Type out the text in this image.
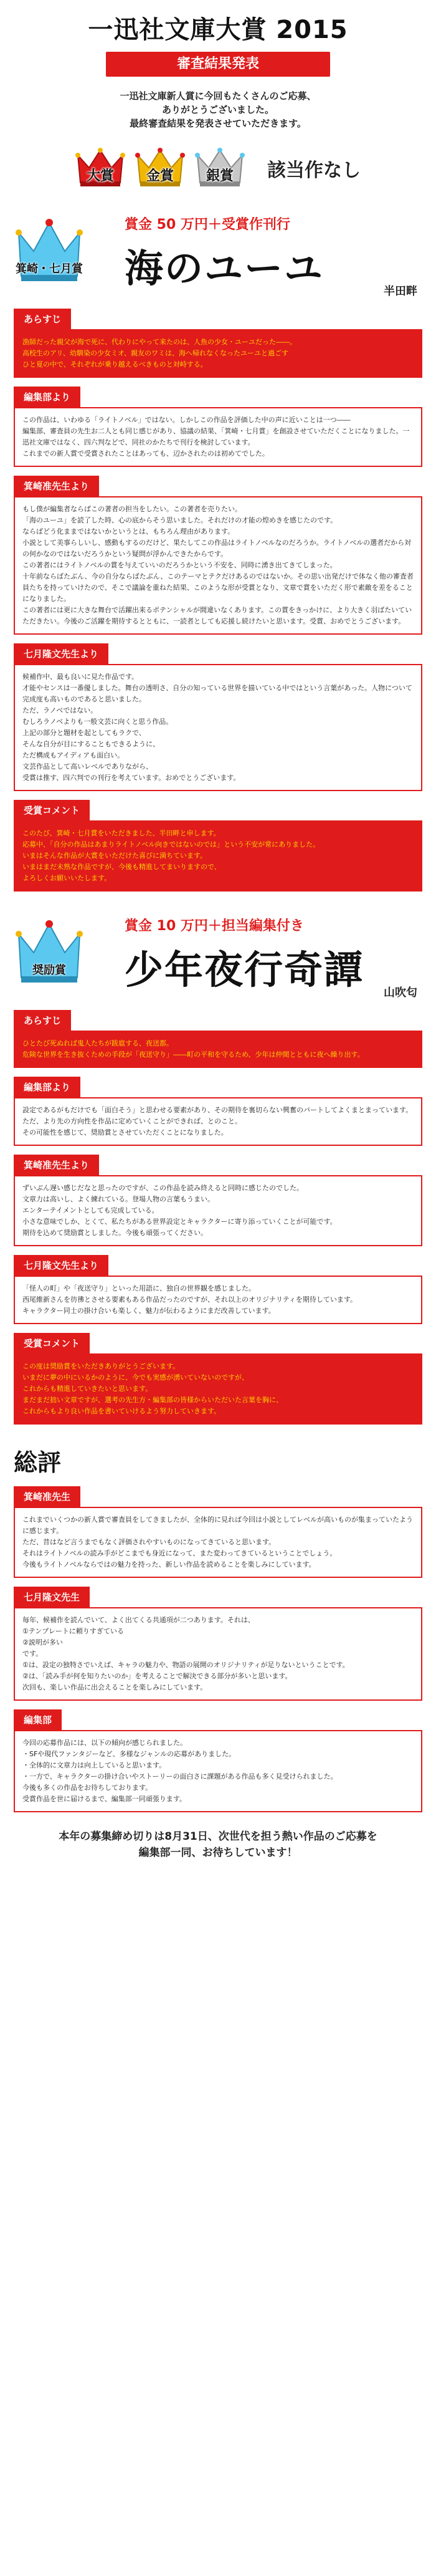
一迅社文庫大賞 2015
審査結果発表
一迅社文庫新人賞に今回もたくさんのご応募、
ありがとうございました。
最終審査結果を発表させていただきます。
大賞	金賞	銀賞	該当作なし
箕崎・七月賞
賞金 50 万円＋受賞作刊行
海のユーユ
半田畔
あらすじ

漁師だった親父が海で死に、代わりにやって来たのは、人魚の少女・ユーユだった――。
高校生のアリ、幼馴染の少女ミオ、親友のワミは、海へ帰れなくなったユーユと過ごす
ひと夏の中で、それぞれが乗り越えるべきものと対峙する。

編集部より

この作品は、いわゆる「ライトノベル」ではない。しかしこの作品を評価した中の声に近いことは一つ――
編集部、審査員の先生お二人とも同じ感じがあり、協議の結果、「箕崎・七月賞」を創設させていただくことになりました。一迅社文庫ではなく、四六判などで、同社のかたちで刊行を検討しています。
これまでの新人賞で受賞されたことはあっても、辺かされたのは初めてでした。

箕崎准先生より

もし僕が編集者ならばこの著者の担当をしたい。この著者を売りたい。
「海のユーユ」を読了した時、心の底からそう思いました。それだけの才能の煌めきを感じたのです。
ならばどう化ままではないかというとは、もちろん理由があります。
小説として美事らしいし、感動もするのだけど、果たしてこの作品はライトノベルなのだろうか。ライトノベルの選者だから対の何かなのではないだろうかという疑問が浮かんできたからです。
この著者にはライトノベルの賞を与えていいのだろうかという不安を、同時に湧き出てきてしまった。
十年前ならばたぶん、今の自分ならばたぶん、このテーマとテクだけあるのではないか。その思い出発だけで体なく他の審査者員たちを持っていけたので、そこで議論を重ねた結果、このような形が受賞となり、文章で賞をいただく形で素敵を差をることになりました。
この著者には更に大きな舞台で活躍出来るポテンシャルが間違いなくあります。この賞をきっかけに、より大きく羽ばたいていただきたい。今後のご活躍を期待するとともに、一読者としても応援し続けたいと思います。受賞、おめでとうございます。

七月隆文先生より

候補作中、最も良いに見た作品です。
才能やセンスは一番優しました。舞台の透明さ、自分の知っている世界を描いている中ではという言葉があった。人物について完成度も高いものであると思いました。
ただ、ラノベではない。
むしろラノベよりも一般文芸に向くと思う作品。
上記の部分と題材を起としてもラクで、
そんな自分が目にすることもできるように、
ただ構成もアイディアも面白い。
文芸作品として高いレベルでありながら、
受賞は推す、四六判での刊行を考えています。おめでとうございます。

受賞コメント

このたび、箕崎・七月賞をいただきました、半田畔と申します。
応募中、「自分の作品はあまりライトノベル向きではないのでは」という不安が常にありました。
いまはそんな作品が大賞をいただけた喜びに満ちています。
いまはまだ未熟な作品ですが、今後も精進してまいりますので、
よろしくお願いいたします。

奨励賞
賞金 10 万円＋担当編集付き
少年夜行奇譚
山吹匂
あらすじ

ひとたび死ぬれば鬼人たちが跋扈する、夜送都。
危険な世界を生き抜くための手段が「夜送守り」――町の平和を守るため、少年は仲間とともに夜へ繰り出す。

編集部より

設定であるがもだけでも「面白そう」と思わせる要素があり、その期待を裏切らない興奮のパートしてよくまとまっています。ただ、より先の方向性を作品に定めていくことができれば、とのこと。
その可能性を感じて、奨励賞とさせていただくことになりました。

箕崎准先生より

ずいぶん遅い感じだなと思ったのですが、この作品を読み終えると同時に感じたのでした。
文章力は高いし、よく練れている。登場人物の言葉もうまい。
エンターテイメントとしても完成している。
小さな意味でしか、とくて、私たちがある世界設定とキャラクターに寄り添っていくことが可能です。
期待を込めて奨励賞としました。今後も頑張ってください。

七月隆文先生より

「怪人の町」や「夜送守り」といった用語に、独自の世界観を感じました。
西尾維新さんを彷彿とさせる要素もある作品だったのですが、それ以上のオリジナリティを期待しています。
キャラクター同士の掛け合いも楽しく、魅力が伝わるようにまだ改善しています。

受賞コメント

この度は奨励賞をいただきありがとうございます。
いまだに夢の中にいるかのように、今でも実感が湧いていないのですが、
これからも精進していきたいと思います。
まだまだ拙い文章ですが、選考の先生方・編集部の皆様からいただいた言葉を胸に、
これからもより良い作品を書いていけるよう努力していきます。

総評
箕崎准先生

これまでいくつかの新人賞で審査員をしてきましたが、全体的に見れば今回は小説としてレベルが高いものが集まっていたように感じます。
ただ、昔はなど言うまでもなく評価されやすいものになってきていると思います。
それはライトノベルの読み手がどこまでも身近になって、また変わってきているということでしょう。
今後もライトノベルならではの魅力を持った、新しい作品を読めることを楽しみにしています。

七月隆文先生

毎年、候補作を読んでいて、よく出てくる共通項が二つあります。それは、
①テンプレートに頼りすぎている
②説明が多い
です。
①は、設定の独特さでいえば、キャラの魅力や、物語の展開のオリジナリティが足りないということです。
②は、「読み手が何を知りたいのか」を考えることで解決できる部分が多いと思います。
次回も、楽しい作品に出会えることを楽しみにしています。

編集部

今回の応募作品には、以下の傾向が感じられました。
・SFや現代ファンタジーなど、多様なジャンルの応募がありました。
・全体的に文章力は向上していると思います。
・一方で、キャラクターの掛け合いやストーリーの面白さに課題がある作品も多く見受けられました。
今後も多くの作品をお待ちしております。
受賞作品を世に届けるまで、編集部一同頑張ります。

本年の募集締め切りは8月31日、次世代を担う熱い作品のご応募を
編集部一同、お待ちしています！
